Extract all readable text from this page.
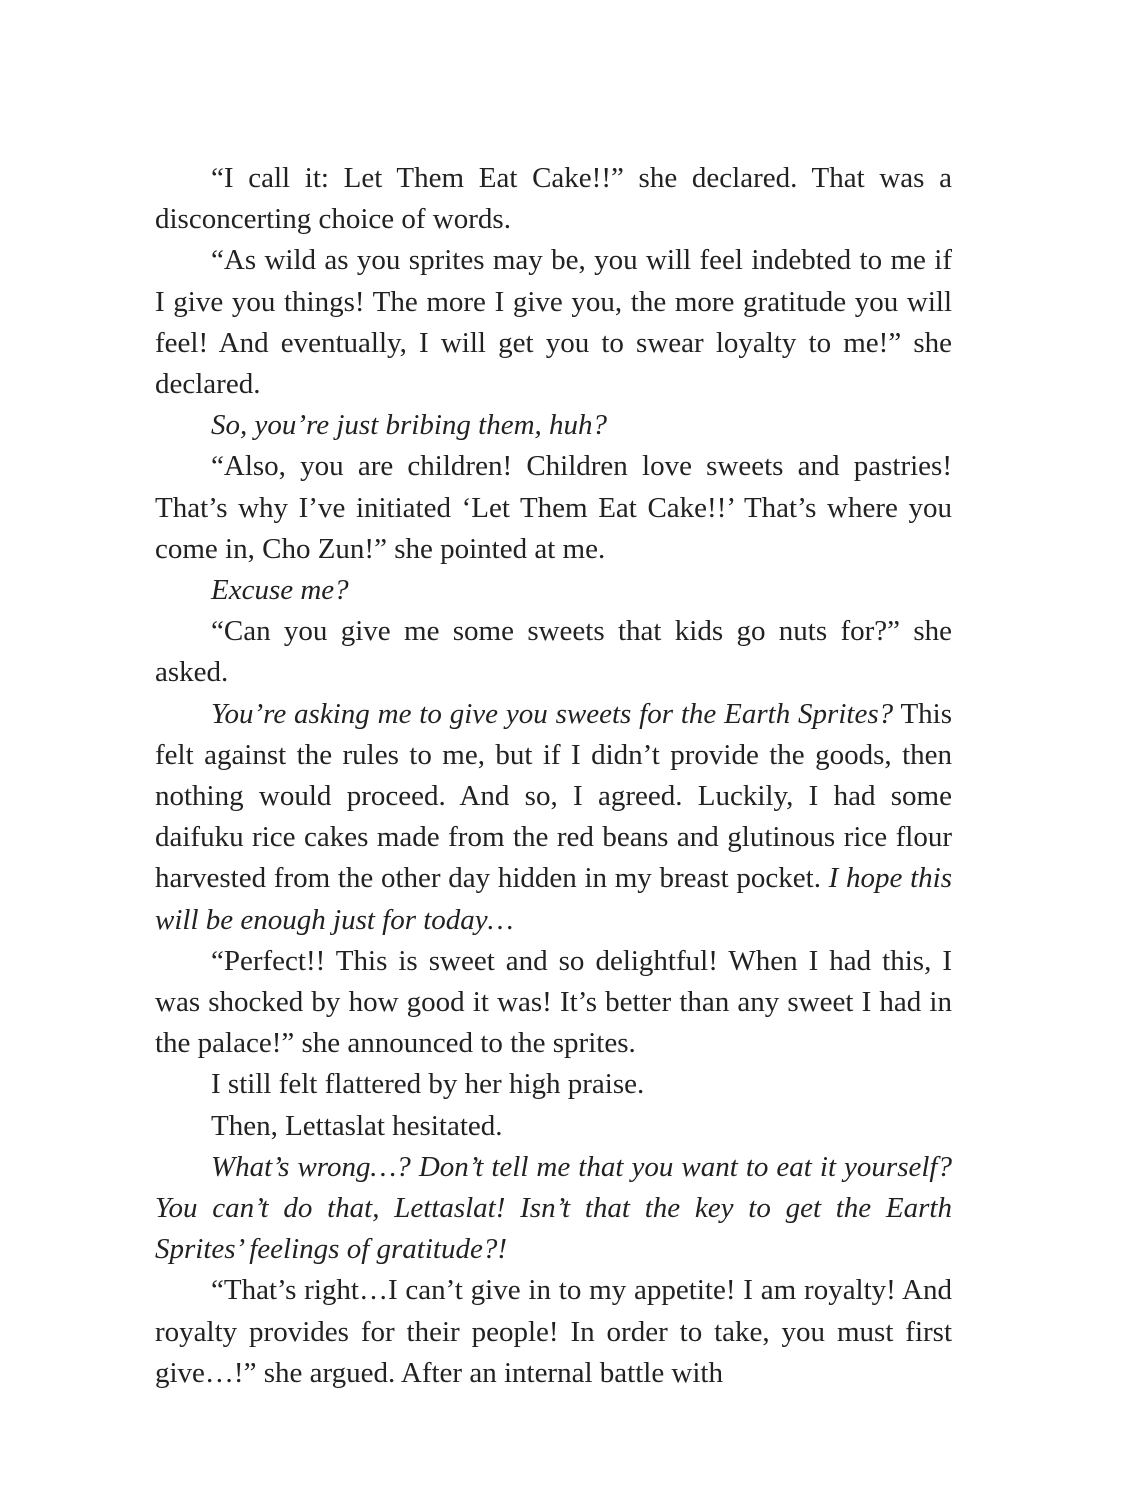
“I call it: Let Them Eat Cake!!” she declared. That was a disconcerting choice of words.

“As wild as you sprites may be, you will feel indebted to me if I give you things! The more I give you, the more gratitude you will feel! And eventually, I will get you to swear loyalty to me!” she declared.

So, you’re just bribing them, huh?

“Also, you are children! Children love sweets and pastries! That’s why I’ve initiated ‘Let Them Eat Cake!!’ That’s where you come in, Cho Zun!” she pointed at me.

Excuse me?

“Can you give me some sweets that kids go nuts for?” she asked.

You’re asking me to give you sweets for the Earth Sprites? This felt against the rules to me, but if I didn’t provide the goods, then nothing would proceed. And so, I agreed. Luckily, I had some daifuku rice cakes made from the red beans and glutinous rice flour harvested from the other day hidden in my breast pocket. I hope this will be enough just for today…

“Perfect!! This is sweet and so delightful! When I had this, I was shocked by how good it was! It’s better than any sweet I had in the palace!” she announced to the sprites.

I still felt flattered by her high praise.

Then, Lettaslat hesitated.

What’s wrong…? Don’t tell me that you want to eat it yourself? You can’t do that, Lettaslat! Isn’t that the key to get the Earth Sprites’ feelings of gratitude?!

“That’s right…I can’t give in to my appetite! I am royalty! And royalty provides for their people! In order to take, you must first give…!” she argued. After an internal battle with
